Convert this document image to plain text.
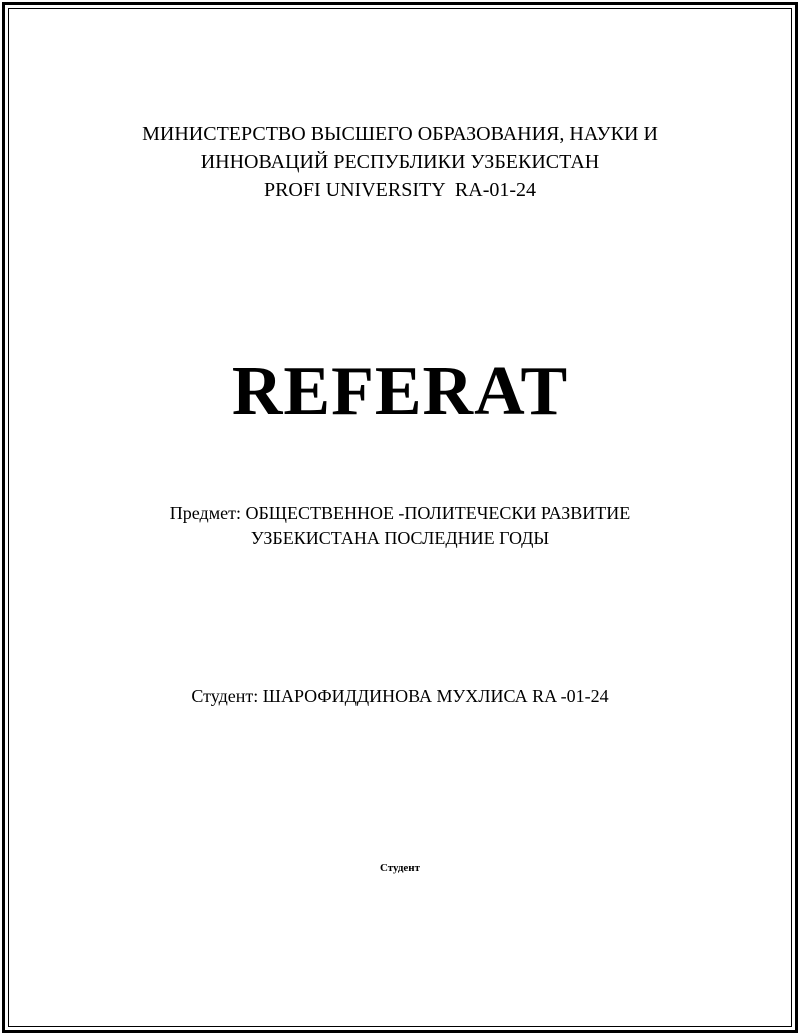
МИНИСТЕРСТВО ВЫСШЕГО ОБРАЗОВАНИЯ, НАУКИ И
ИННОВАЦИЙ РЕСПУБЛИКИ УЗБЕКИСТАН
PROFI UNIVERSITY  RA-01-24
REFERAT
Предмет: ОБЩЕСТВЕННОЕ -ПОЛИТЕЧЕСКИ РАЗВИТИЕ
УЗБЕКИСТАНА ПОСЛЕДНИЕ ГОДЫ
Студент: ШАРОФИДДИНОВА МУХЛИСА RA -01-24
Студент
